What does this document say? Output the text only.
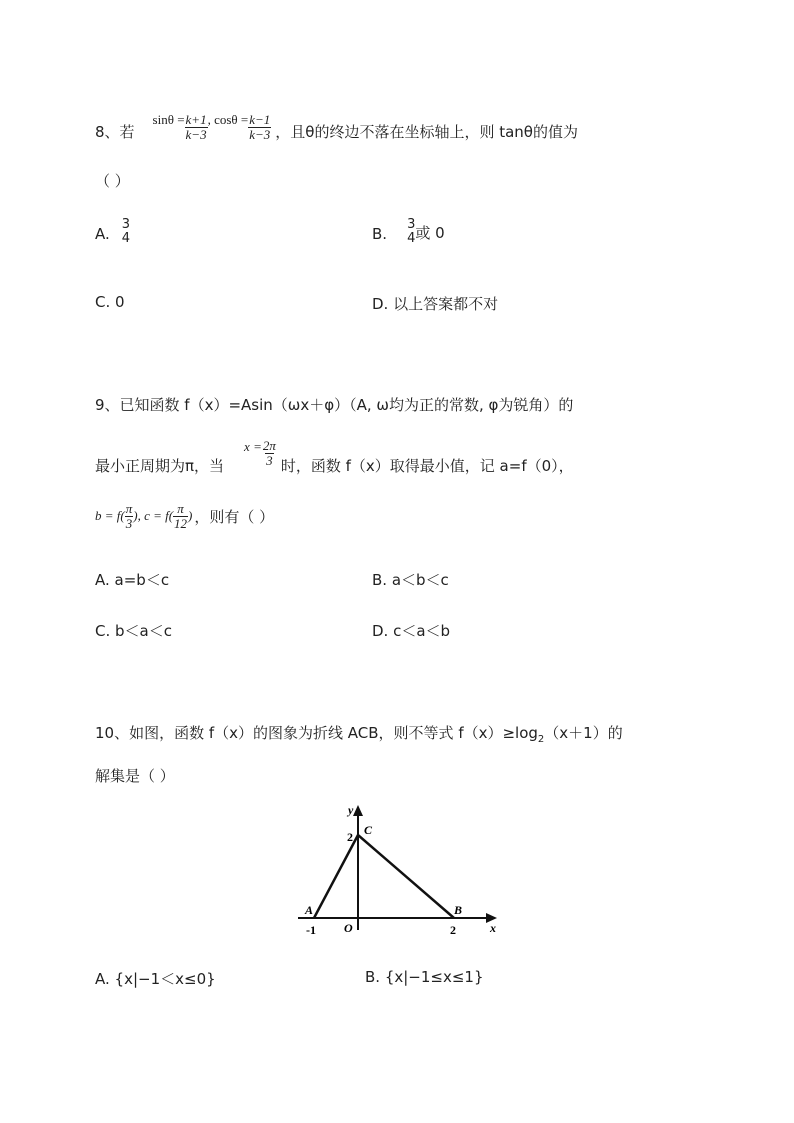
8、若
$\sin\theta = \frac{k+1}{k-3}$ , $\cos\theta = \frac{k-1}{k-3}$ ，且θ的终边不落在坐标轴上，则 tanθ的值为
（ ）
A.
3
4	B.
3
4 或 0
C. 0	D. 以上答案都不对
9、已知函数 f（x）=Asin（ωx＋φ）（A, ω均为正的常数, φ为锐角）的
最小正周期为π，当
$x = \frac{2\pi}{3}$ 时，函数 f（x）取得最小值，记 a=f（0），
$b = f( \frac{\pi}{3}$ ), $c = f( \frac{\pi}{12}$ ) ，则有（ ）
A. a=b＜c	B. a＜b＜c
C. b＜a＜c	D. c＜a＜b
10、如图，函数 f（x）的图象为折线 ACB，则不等式 $f(x)\ge\log_2(x+1)$的
解集是（ ）
y
x
C
A	B
O
2
-1	2
A. {x|−1＜x≤0}	B. {x|−1≤x≤1}
